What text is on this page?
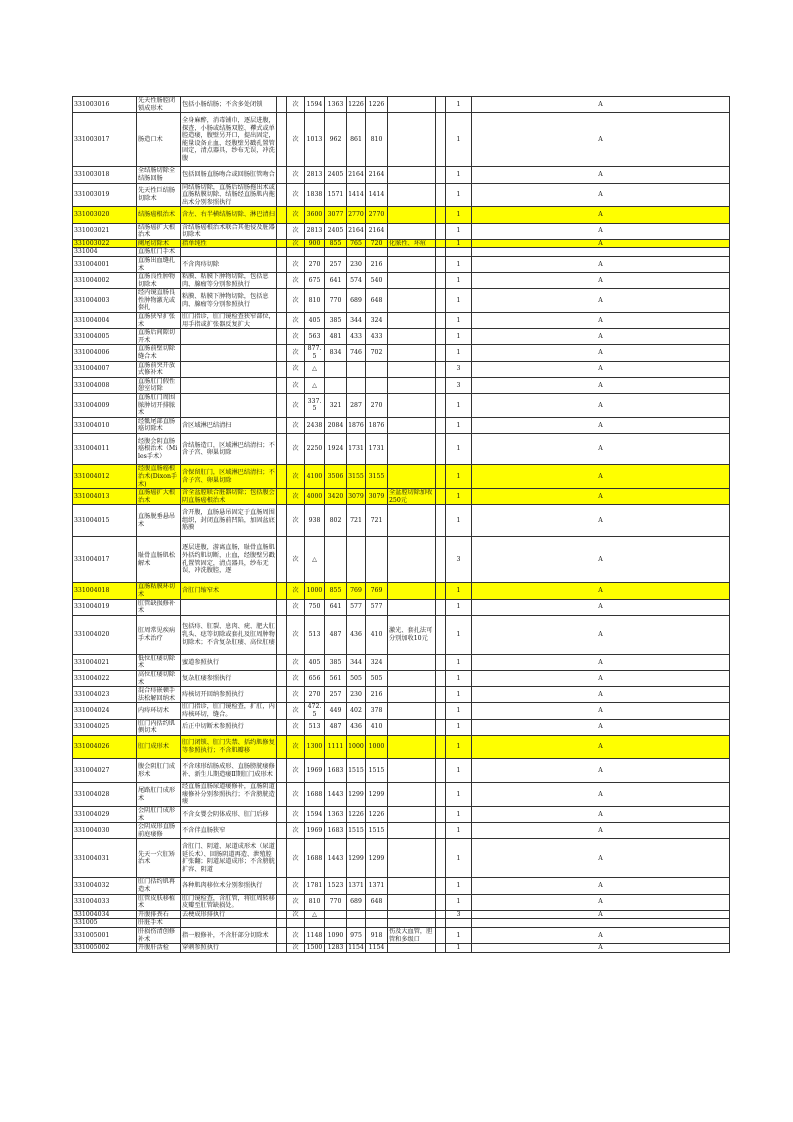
331003016	先天性肠腔闭锁成形术	包括小肠结肠；不含多处闭锁		次	1594	1363	1226	1226			1	A
331003017	肠造口术	全身麻醉，消毒铺巾，逐层进腹，探查，小肠或结肠双腔、襻式或单腔造瘘，腹壁另开口，提出固定，能量设备止血，经腹壁另戳孔置管固定，清点器具，纱布无误，冲洗腹		次	1013	962	861	810			1	A
331003018	全结肠切除全结肠回肠	包括回肠直肠吻合或回肠肛管吻合		次	2813	2405	2164	2164			1	A
331003019	先天性巨结肠切除术	同结肠切除，直肠后结肠拖出术或直肠粘膜切除、结肠经直肠肌内拖出术分别参照执行		次	1838	1571	1414	1414			1	A
331003020	结肠癌根治术	含左、右半横结肠切除、淋巴清扫		次	3600	3077	2770	2770			1	A
331003021	结肠癌扩大根治术	含结肠癌根治术联合其他侵及脏器切除术		次	2813	2405	2164	2164			1	A
331003022	阑尾切除术	指单纯性		次	900	855	765	720	化脓性、坏疽		1	A
331004	直肠肛门手术											
331004001	直肠出血缝扎术	不含肉痔切除		次	270	257	230	216			1	A
331004002	直肠良性肿物切除术	粘膜、粘膜下肿物切除，包括息肉、腺瘤等分别参照执行		次	675	641	574	540			1	A
331004003	经内镜直肠良性肿物激光或套扎	粘膜、粘膜下肿物切除，包括息肉、腺瘤等分别参照执行		次	810	770	689	648			1	A
331004004	直肠狭窄扩张术	肛门指诊，肛门镜检查狭窄部位，用手指或扩张器反复扩大		次	405	385	344	324			1	A
331004005	直肠后间隙切开术			次	563	481	433	433			1	A
331004006	直肠前壁切除缝合术			次	877.5	834	746	702			1	A
331004007	直肠前突开放式修补术			次	△						3	A
331004008	直肠肛门假性憩室切除			次	△						3	A
331004009	直肠肛门周围脓肿切开排脓术			次	337.5	321	287	270			1	A
331004010	经骶尾部直肠癌切除术	含区域淋巴结清扫		次	2438	2084	1876	1876			1	A
331004011	经腹会阴直肠癌根治术（Miles手术）	含结肠造口，区域淋巴结清扫；不含子宫、卵巢切除		次	2250	1924	1731	1731			1	A
331004012	经腹直肠癌根治术(Dixon手术)	含保留肛门，区域淋巴结清扫；不含子宫、卵巢切除		次	4100	3506	3155	3155			1	A
331004013	直肠癌扩大根治术	含全盆腔联合脏器切除；包括腹会阴直肠癌根治术		次	4000	3420	3079	3079	全盆腔切除加收250元		1	A
331004015	直肠脱垂悬吊术	含开腹，直肠悬吊固定于直肠周围组织，封闭直肠前凹陷，加固盆底筋膜		次	938	802	721	721			1	A
331004017	耻骨直肠肌松解术	逐层进腹，游离直肠，耻骨直肠肌外括约肌切断，止血，经腹壁另戳孔置管固定，清点器具，纱布无误，冲洗腹腔，逐		次	△						3	A
331004018	直肠粘膜环切术	含肛门缩窄术		次	1000	855	769	769			1	A
331004019	肛管缺损修补术			次	750	641	577	577			1	A
331004020	肛周常见疾病手术治疗	包括痔、肛裂、息肉、疣、肥大肛乳头、痣等切除或套扎及肛周肿物切除术；不含复杂肛瘘、高位肛瘘		次	513	487	436	410	激光、套扎法可分别加收10元		1	A
331004021	低位肛瘘切除术	蜜道参照执行		次	405	385	344	324			1	A
331004022	高位肛瘘切除术	复杂肛瘘参照执行		次	656	561	505	505			1	A
331004023	混合痔嵌顿手法松解回纳术	痔核切开回纳参照执行		次	270	257	230	216			1	A
331004024	内痔环切术	肛门指诊，肛门镜检查，扩肛，内痔核环切，缝合。		次	472.5	449	402	378			1	A
331004025	肛门内括约肌侧切术	后正中切断术参照执行		次	513	487	436	410			1	A
331004026	肛门成形术	肛门闭锁、肛门失禁、括约肌修复等参照执行；不含肌瓣移		次	1300	1111	1000	1000			1	A
331004027	腹会阴肛门成形术	不含球形结肠成形、直肠膀胱瘘修补、新生儿期造瘘Ⅱ期肛门成形术		次	1969	1683	1515	1515			1	A
331004028	尾路肛门成形术	经直肠直肠尿道瘘修补，直肠阴道瘘修补分别参照执行；不含膀胱造瘘		次	1688	1443	1299	1299			1	A
331004029	会阴肛门成形术	不含女婴会阴体成形、肛门后移		次	1594	1363	1226	1226			1	A
331004030	会阴成形直肠前庭瘘修	不含伴直肠狭窄		次	1969	1683	1515	1515			1	A
331004031	先天一穴肛矫治术	含肛门、阴道、尿道成形术（尿道延长术）、回肠阴道再造、泄殖腔扩张翻；阴道尿道成形；不含膀胱扩容、阴道		次	1688	1443	1299	1299			1	A
331004032	肛门括约肌再造术	各种肌肉移位术分别参照执行		次	1781	1523	1371	1371			1	A
331004033	肛管皮肤移植术	肛门镜检查，含肛管，将肛周转移皮瓣至肛管缺损处。		次	810	770	689	648			1	A
331004034	开腹排粪石	去梗成形排执行		次	△						3	A
331005	肝脏手术											
331005001	肝损伤清创修补术	指一般修补，不含肝部分切除术		次	1148	1090	975	918	伤及大血管，胆管和多级口		1	A
331005002	开腹肝活检	穿刺参照执行		次	1500	1283	1154	1154			1	A
